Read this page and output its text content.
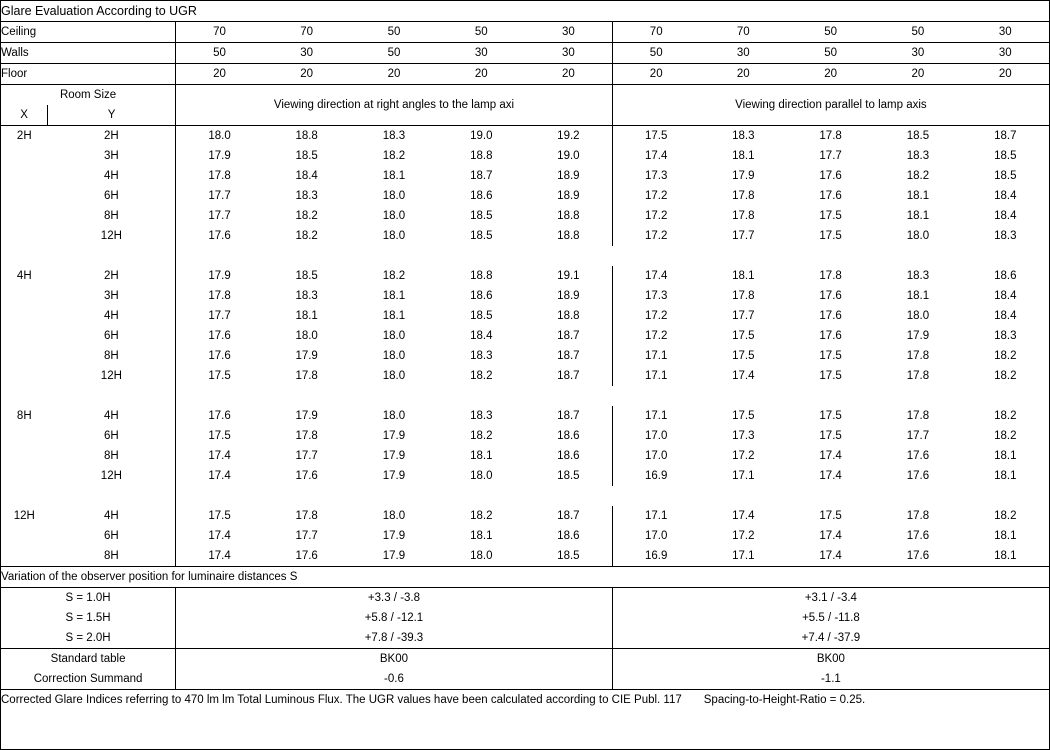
Glare Evaluation According to UGR											
Ceiling		70	70	50	50	30	70	70	50	50	30
Walls		50	30	50	30	30	50	30	50	30	30
Floor		20	20	20	20	20	20	20	20	20	20
Room Size		Viewing direction at right angles to the lamp axi					Viewing direction parallel to lamp axis				
X	Y										
2H	2H	18.0	18.8	18.3	19.0	19.2	17.5	18.3	17.8	18.5	18.7
	3H	17.9	18.5	18.2	18.8	19.0	17.4	18.1	17.7	18.3	18.5
	4H	17.8	18.4	18.1	18.7	18.9	17.3	17.9	17.6	18.2	18.5
	6H	17.7	18.3	18.0	18.6	18.9	17.2	17.8	17.6	18.1	18.4
	8H	17.7	18.2	18.0	18.5	18.8	17.2	17.8	17.5	18.1	18.4
	12H	17.6	18.2	18.0	18.5	18.8	17.2	17.7	17.5	18.0	18.3

4H	2H	17.9	18.5	18.2	18.8	19.1	17.4	18.1	17.8	18.3	18.6
	3H	17.8	18.3	18.1	18.6	18.9	17.3	17.8	17.6	18.1	18.4
	4H	17.7	18.1	18.1	18.5	18.8	17.2	17.7	17.6	18.0	18.4
	6H	17.6	18.0	18.0	18.4	18.7	17.2	17.5	17.6	17.9	18.3
	8H	17.6	17.9	18.0	18.3	18.7	17.1	17.5	17.5	17.8	18.2
	12H	17.5	17.8	18.0	18.2	18.7	17.1	17.4	17.5	17.8	18.2

8H	4H	17.6	17.9	18.0	18.3	18.7	17.1	17.5	17.5	17.8	18.2
	6H	17.5	17.8	17.9	18.2	18.6	17.0	17.3	17.5	17.7	18.2
	8H	17.4	17.7	17.9	18.1	18.6	17.0	17.2	17.4	17.6	18.1
	12H	17.4	17.6	17.9	18.0	18.5	16.9	17.1	17.4	17.6	18.1

12H	4H	17.5	17.8	18.0	18.2	18.7	17.1	17.4	17.5	17.8	18.2
	6H	17.4	17.7	17.9	18.1	18.6	17.0	17.2	17.4	17.6	18.1
	8H	17.4	17.6	17.9	18.0	18.5	16.9	17.1	17.4	17.6	18.1
Variation of the observer position for luminaire distances S											
S = 1.0H		+3.3 / -3.8					+3.1 / -3.4				
S = 1.5H		+5.8 / -12.1					+5.5 / -11.8				
S = 2.0H		+7.8 / -39.3					+7.4 / -37.9				
Standard table		BK00					BK00				
Correction Summand		-0.6					-1.1				
Corrected Glare Indices referring to 470 lm lm Total Luminous Flux. The UGR values have been calculated according to CIE Publ. 117 Spacing-to-Height-Ratio = 0.25.											
